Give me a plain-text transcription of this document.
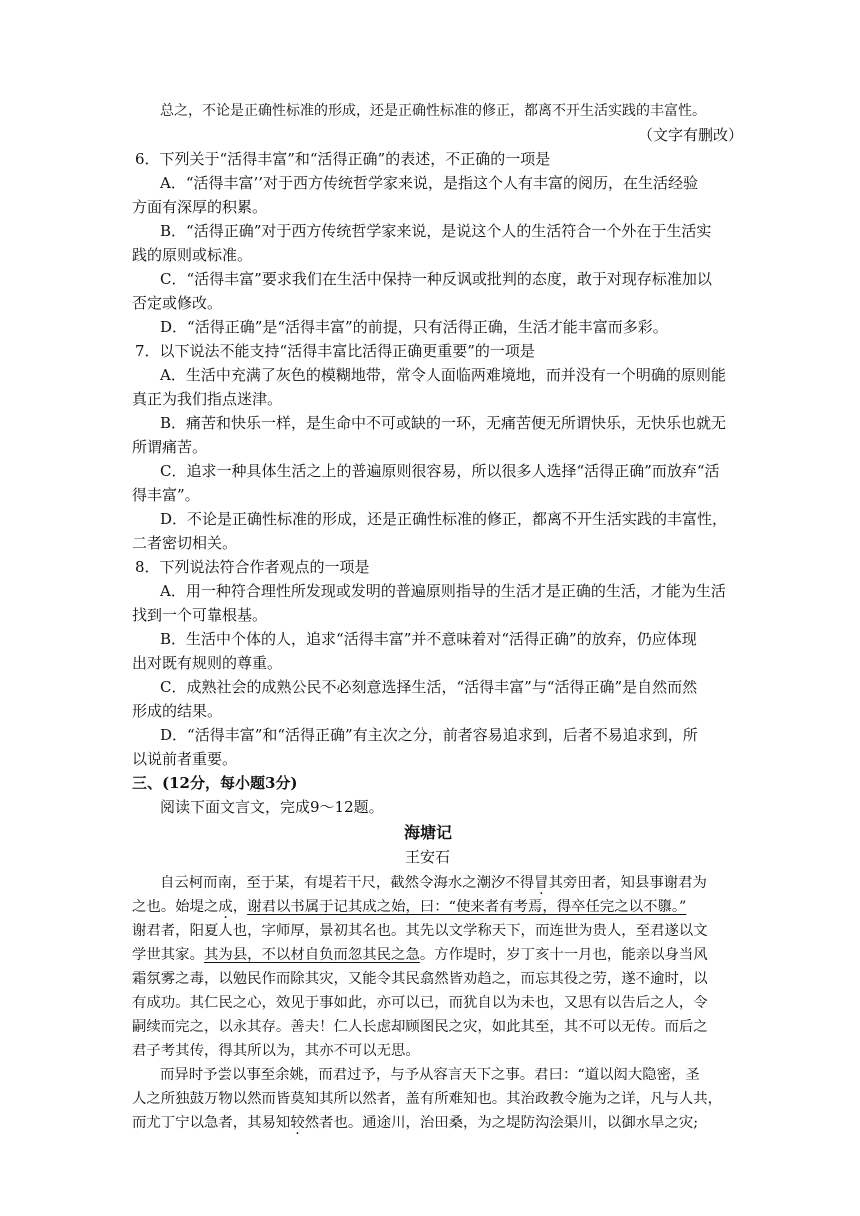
总之，不论是正确性标准的形成，还是正确性标准的修正，都离不开生活实践的丰富性。
（文字有删改）
6．下列关于“活得丰富”和“活得正确”的表述，不正确的一项是
A．“活得丰富’’对于西方传统哲学家来说，是指这个人有丰富的阅历，在生活经验
方面有深厚的积累。
B．“活得正确”对于西方传统哲学家来说，是说这个人的生活符合一个外在于生活实
践的原则或标准。
C．“活得丰富”要求我们在生活中保持一种反讽或批判的态度，敢于对现存标准加以
否定或修改。
D．“活得正确”是“活得丰富”的前提，只有活得正确，生活才能丰富而多彩。
7．以下说法不能支持“活得丰富比活得正确更重要”的一项是
A．生活中充满了灰色的模糊地带，常令人面临两难境地，而并没有一个明确的原则能
真正为我们指点迷津。
B．痛苦和快乐一样，是生命中不可或缺的一环，无痛苦便无所谓快乐，无快乐也就无
所谓痛苦。
C．追求一种具体生活之上的普遍原则很容易，所以很多人选择“活得正确”而放弃“活
得丰富”。
D．不论是正确性标准的形成，还是正确性标准的修正，都离不开生活实践的丰富性，
二者密切相关。
8．下列说法符合作者观点的一项是
A．用一种符合理性所发现或发明的普遍原则指导的生活才是正确的生活，才能为生活
找到一个可靠根基。
B．生活中个体的人，追求“活得丰富”并不意味着对“活得正确”的放弃，仍应体现
出对既有规则的尊重。
C．成熟社会的成熟公民不必刻意选择生活，“活得丰富”与“活得正确”是自然而然
形成的结果。
D．“活得丰富”和“活得正确”有主次之分，前者容易追求到，后者不易追求到，所
以说前者重要。
三、(12分，每小题3分)
阅读下面文言文，完成9～12题。
海塘记
王安石
自云柯而南，至于某，有堤若干尺，截然令海水之潮汐不得冒其旁田者，知县事谢君为
之也。始堤之成，谢君以书属于记其成之始，曰：“使来者有考焉，得卒任完之以不隳。”
谢君者，阳夏人也，字师厚，景初其名也。其先以文学称天下，而连世为贵人，至君遂以文
学世其家。其为县，不以材自负而忽其民之急。方作堤时，岁丁亥十一月也，能亲以身当风
霜氛雾之毒，以勉民作而除其灾，又能令其民翕然皆劝趋之，而忘其役之劳，遂不逾时，以
有成功。其仁民之心，效见于事如此，亦可以已，而犹自以为未也，又思有以告后之人，令
嗣续而完之，以永其存。善夫！仁人长虑却顾图民之灾，如此其至，其不可以无传。而后之
君子考其传，得其所以为，其亦不可以无思。
而异时予尝以事至余姚，而君过予，与予从容言天下之事。君曰：“道以闳大隐密，圣
人之所独鼓万物以然而皆莫知其所以然者，盖有所难知也。其治政教令施为之详，凡与人共，
而尤丁宁以急者，其易知较然者也。通途川，治田桑，为之堤防沟浍渠川，以御水旱之灾;
